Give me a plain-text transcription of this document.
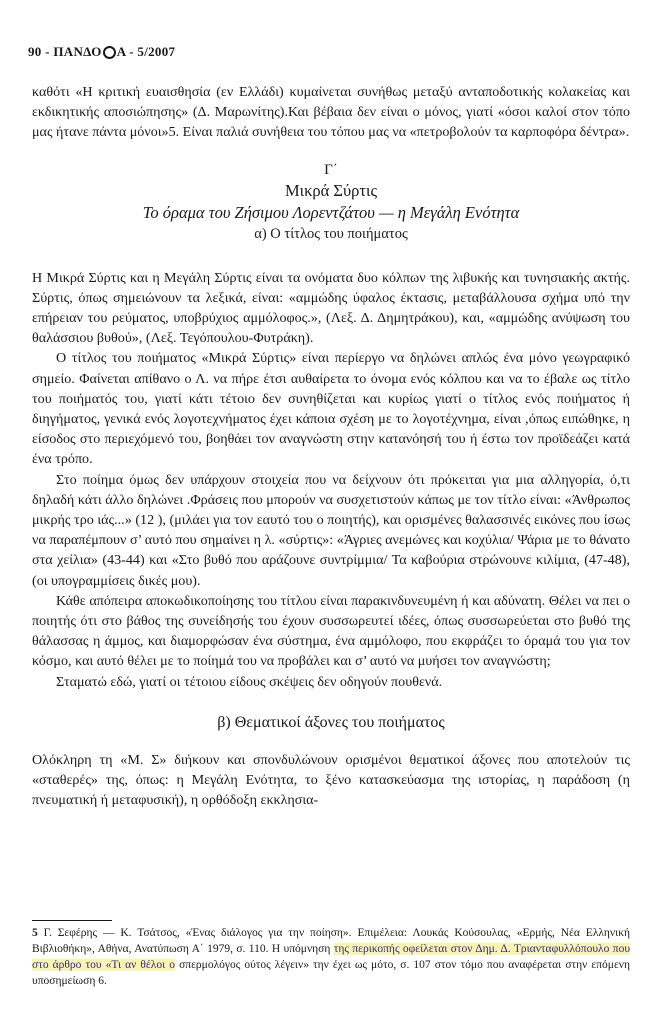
90 - ΠΑΝΔΟ Α - 5/2007

καθότι «Η κριτική ευαισθησία (εν Ελλάδι) κυμαίνεται συνήθως μεταξύ ανταποδοτικής κολακείας και εκδικητικής αποσιώπησης» (Δ. Μαρωνίτης).Και βέβαια δεν είναι ο μόνος, γιατί «όσοι καλοί στον τόπο μας ήτανε πάντα μόνοι»5. Είναι παλιά συνήθεια του τόπου μας να «πετροβολούν τα καρποφόρα δέντρα».

Γ΄
Μικρά Σύρτις
Το όραμα του Ζήσιμου Λορεντζάτου — η Μεγάλη Ενότητα
α) Ο τίτλος του ποιήματος

Η Μικρά Σύρτις και η Μεγάλη Σύρτις είναι τα ονόματα δυο κόλπων της λιβυκής και τυνησιακής ακτής. Σύρτις, όπως σημειώνουν τα λεξικά, είναι: «αμμώδης ύφαλος έκτασις, μεταβάλλουσα σχήμα υπό την επήρειαν του ρεύματος, υποβρύχιος αμμόλοφος.», (Λεξ. Δ. Δημητράκου), και, «αμμώδης ανύψωση του θαλάσσιου βυθού», (Λεξ. Τεγόπουλου-Φυτράκη).

Ο τίτλος του ποιήματος «Μικρά Σύρτις» είναι περίεργο να δηλώνει απλώς ένα μόνο γεωγραφικό σημείο. Φαίνεται απίθανο ο Λ. να πήρε έτσι αυθαίρετα το όνομα ενός κόλπου και να το έβαλε ως τίτλο του ποιήματός του, γιατί κάτι τέτοιο δεν συνηθίζεται και κυρίως γιατί ο τίτλος ενός ποιήματος ή διηγήματος, γενικά ενός λογοτεχνήματος έχει κάποια σχέση με το λογοτέχνημα, είναι ,όπως ειπώθηκε, η είσοδος στο περιεχόμενό του, βοηθάει τον αναγνώστη στην κατανόησή του ή έστω τον προϊδεάζει κατά ένα τρόπο.

Στο ποίημα όμως δεν υπάρχουν στοιχεία που να δείχνουν ότι πρόκειται για μια αλληγορία, ό,τι δηλαδή κάτι άλλο δηλώνει .Φράσεις που μπορούν να συσχετιστούν κάπως με τον τίτλο είναι: «Άνθρωπος μικρής τρο ιάς...» (12 ), (μιλάει για τον εαυτό του ο ποιητής), και ορισμένες θαλασσινές εικόνες που ίσως να παραπέμπουν σ’ αυτό που σημαίνει η λ. «σύρτις»: «Άγριες ανεμώνες και κοχύλια/ Ψάρια με το θάνατο στα χείλια» (43-44) και «Στο βυθό που αράζουνε συντρίμμια/ Τα καβούρια στρώνουνε κιλίμια, (47-48), (οι υπογραμμίσεις δικές μου).

Κάθε απόπειρα αποκωδικοποίησης του τίτλου είναι παρακινδυνευμένη ή και αδύνατη. Θέλει να πει ο ποιητής ότι στο βάθος της συνείδησής του έχουν συσσωρευτεί ιδέες, όπως συσσωρεύεται στο βυθό της θάλασσας η άμμος, και διαμορφώσαν ένα σύστημα, ένα αμμόλοφο, που εκφράζει το όραμά του για τον κόσμο, και αυτό θέλει με το ποίημά του να προβάλει και σ’ αυτό να μυήσει τον αναγνώστη;

Σταματώ εδώ, γιατί οι τέτοιου είδους σκέψεις δεν οδηγούν πουθενά.

β) Θεματικοί άξονες του ποιήματος

Ολόκληρη τη «Μ. Σ» διήκουν και σπονδυλώνουν ορισμένοι θεματικοί άξονες που αποτελούν τις «σταθερές» της, όπως: η Μεγάλη Ενότητα, το ξένο κατασκεύασμα της ιστορίας, η παράδοση (η πνευματική ή μεταφυσική), η ορθόδοξη εκκλησια-

5 Γ. Σεφέρης — Κ. Τσάτσος, «Ένας διάλογος για την ποίηση». Επιμέλεια: Λουκάς Κούσουλας, «Ερμής, Νέα Ελληνική Βιβλιοθήκη», Αθήνα, Ανατύπωση Α΄ 1979, σ. 110. Η υπόμνηση της περικοπής οφείλεται στον Δημ. Δ. Τριανταφυλλόπουλο που στο άρθρο του «Τι αν θέλοι ο σπερμολόγος ούτος λέγειν» την έχει ως μότο, σ. 107 στον τόμο που αναφέρεται στην επόμενη υποσημείωση 6.
